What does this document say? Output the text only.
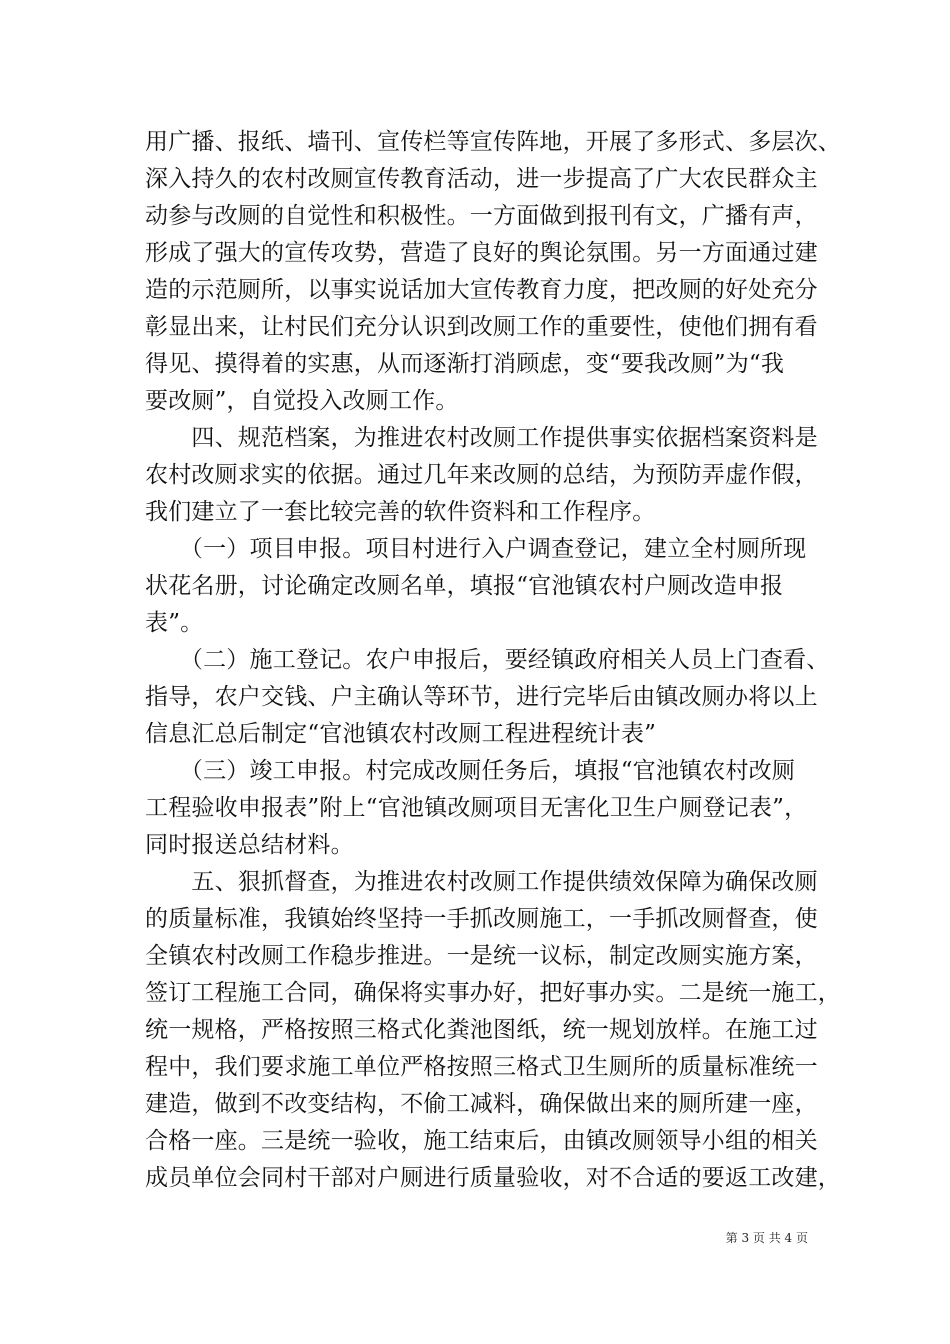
用广播、报纸、墙刊、宣传栏等宣传阵地，开展了多形式、多层次、
深入持久的农村改厕宣传教育活动，进一步提高了广大农民群众主
动参与改厕的自觉性和积极性。一方面做到报刊有文，广播有声，
形成了强大的宣传攻势，营造了良好的舆论氛围。另一方面通过建
造的示范厕所，以事实说话加大宣传教育力度，把改厕的好处充分
彰显出来，让村民们充分认识到改厕工作的重要性，使他们拥有看
得见、摸得着的实惠，从而逐渐打消顾虑，变“要我改厕”为“我
要改厕”，自觉投入改厕工作。
　　四、规范档案，为推进农村改厕工作提供事实依据档案资料是
农村改厕求实的依据。通过几年来改厕的总结，为预防弄虚作假，
我们建立了一套比较完善的软件资料和工作程序。
　　（一）项目申报。项目村进行入户调查登记，建立全村厕所现
状花名册，讨论确定改厕名单，填报“官池镇农村户厕改造申报
表”。
　　（二）施工登记。农户申报后，要经镇政府相关人员上门查看、
指导，农户交钱、户主确认等环节，进行完毕后由镇改厕办将以上
信息汇总后制定“官池镇农村改厕工程进程统计表”
　　（三）竣工申报。村完成改厕任务后，填报“官池镇农村改厕
工程验收申报表”附上“官池镇改厕项目无害化卫生户厕登记表”，
同时报送总结材料。
　　五、狠抓督查，为推进农村改厕工作提供绩效保障为确保改厕
的质量标准，我镇始终坚持一手抓改厕施工，一手抓改厕督查，使
全镇农村改厕工作稳步推进。一是统一议标，制定改厕实施方案，
签订工程施工合同，确保将实事办好，把好事办实。二是统一施工，
统一规格，严格按照三格式化粪池图纸，统一规划放样。在施工过
程中，我们要求施工单位严格按照三格式卫生厕所的质量标准统一
建造，做到不改变结构，不偷工减料，确保做出来的厕所建一座，
合格一座。三是统一验收，施工结束后，由镇改厕领导小组的相关
成员单位会同村干部对户厕进行质量验收，对不合适的要返工改建，
第 3 页 共 4 页
